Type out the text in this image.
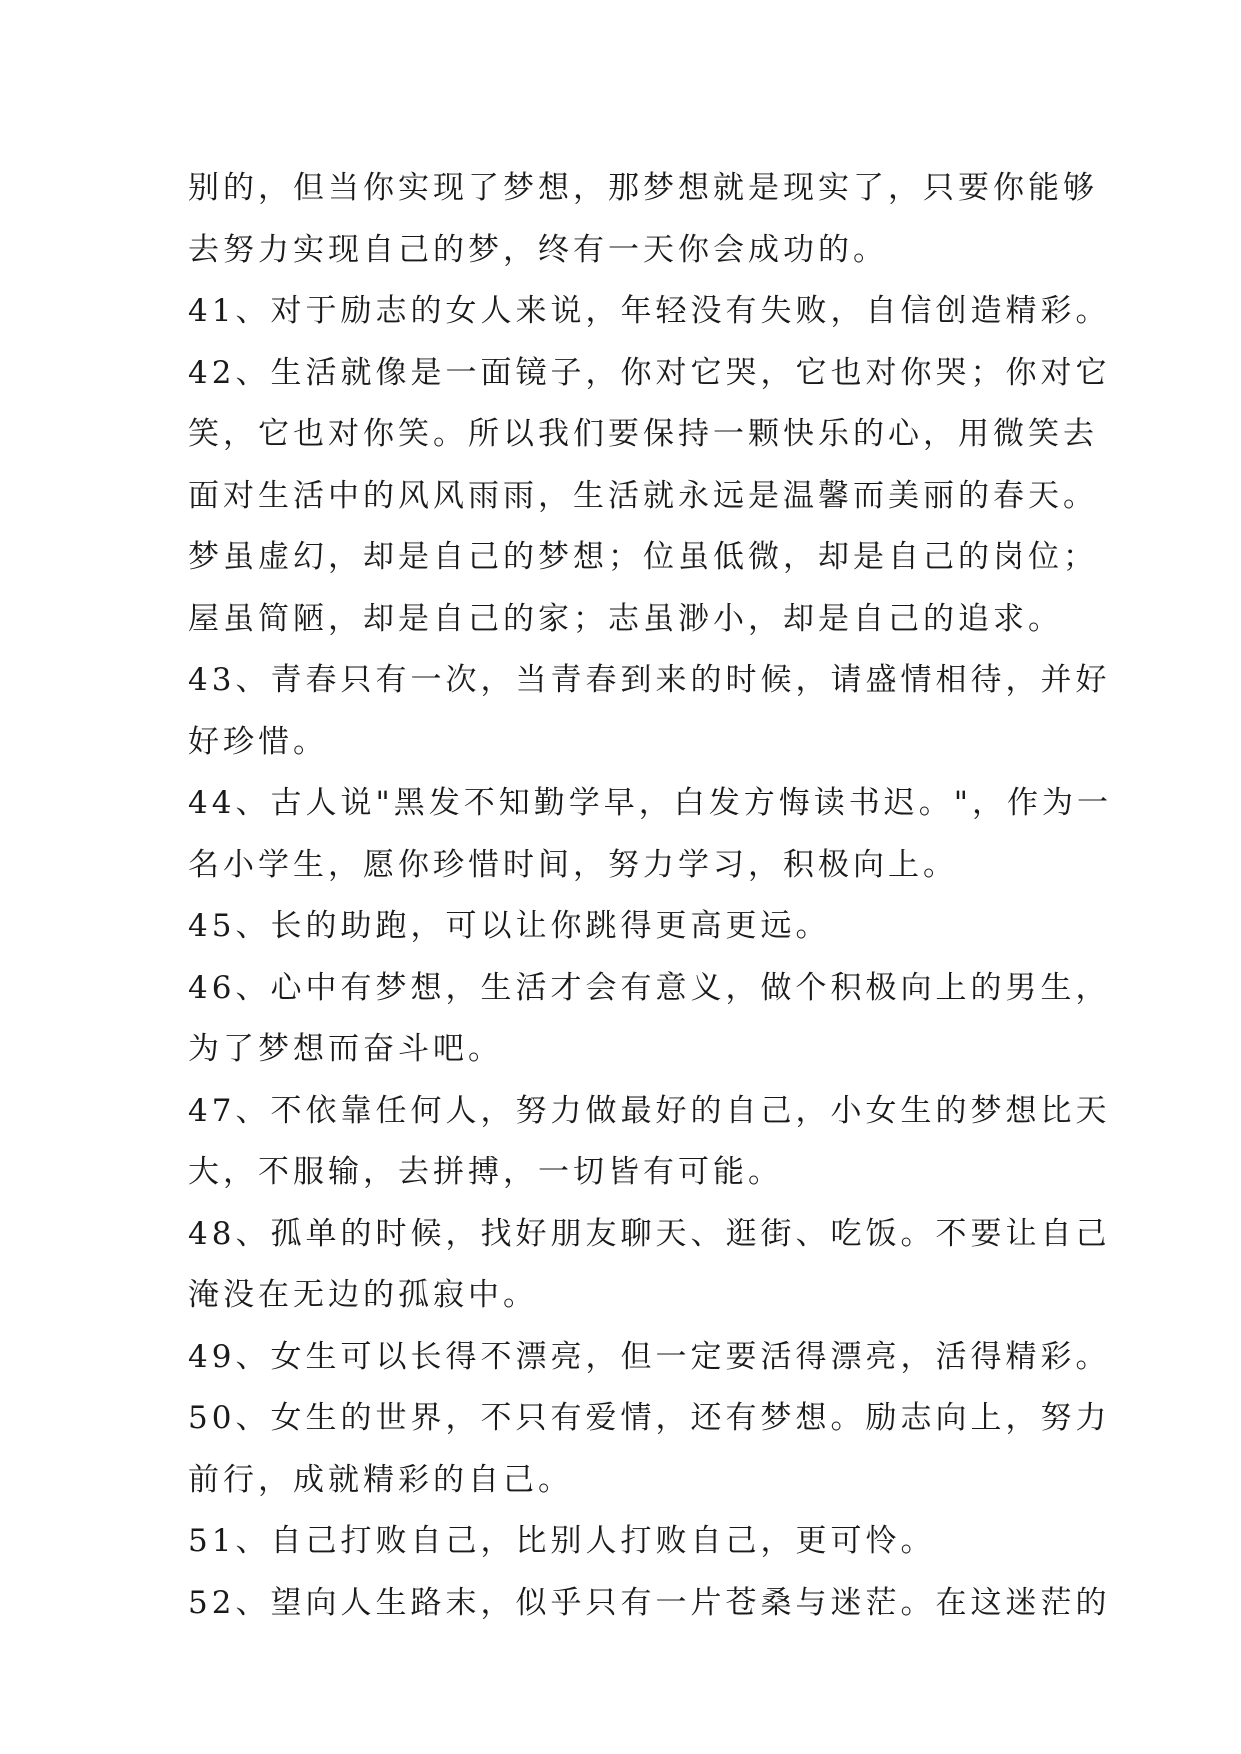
别的，但当你实现了梦想，那梦想就是现实了，只要你能够
去努力实现自己的梦，终有一天你会成功的。
41、对于励志的女人来说，年轻没有失败，自信创造精彩。
42、生活就像是一面镜子，你对它哭，它也对你哭；你对它
笑，它也对你笑。所以我们要保持一颗快乐的心，用微笑去
面对生活中的风风雨雨，生活就永远是温馨而美丽的春天。
梦虽虚幻，却是自己的梦想；位虽低微，却是自己的岗位；
屋虽简陋，却是自己的家；志虽渺小，却是自己的追求。
43、青春只有一次，当青春到来的时候，请盛情相待，并好
好珍惜。
44、古人说"黑发不知勤学早，白发方悔读书迟。"，作为一
名小学生，愿你珍惜时间，努力学习，积极向上。
45、长的助跑，可以让你跳得更高更远。
46、心中有梦想，生活才会有意义，做个积极向上的男生，
为了梦想而奋斗吧。
47、不依靠任何人，努力做最好的自己，小女生的梦想比天
大，不服输，去拼搏，一切皆有可能。
48、孤单的时候，找好朋友聊天、逛街、吃饭。不要让自己
淹没在无边的孤寂中。
49、女生可以长得不漂亮，但一定要活得漂亮，活得精彩。
50、女生的世界，不只有爱情，还有梦想。励志向上，努力
前行，成就精彩的自己。
51、自己打败自己，比别人打败自己，更可怜。
52、望向人生路末，似乎只有一片苍桑与迷茫。在这迷茫的
